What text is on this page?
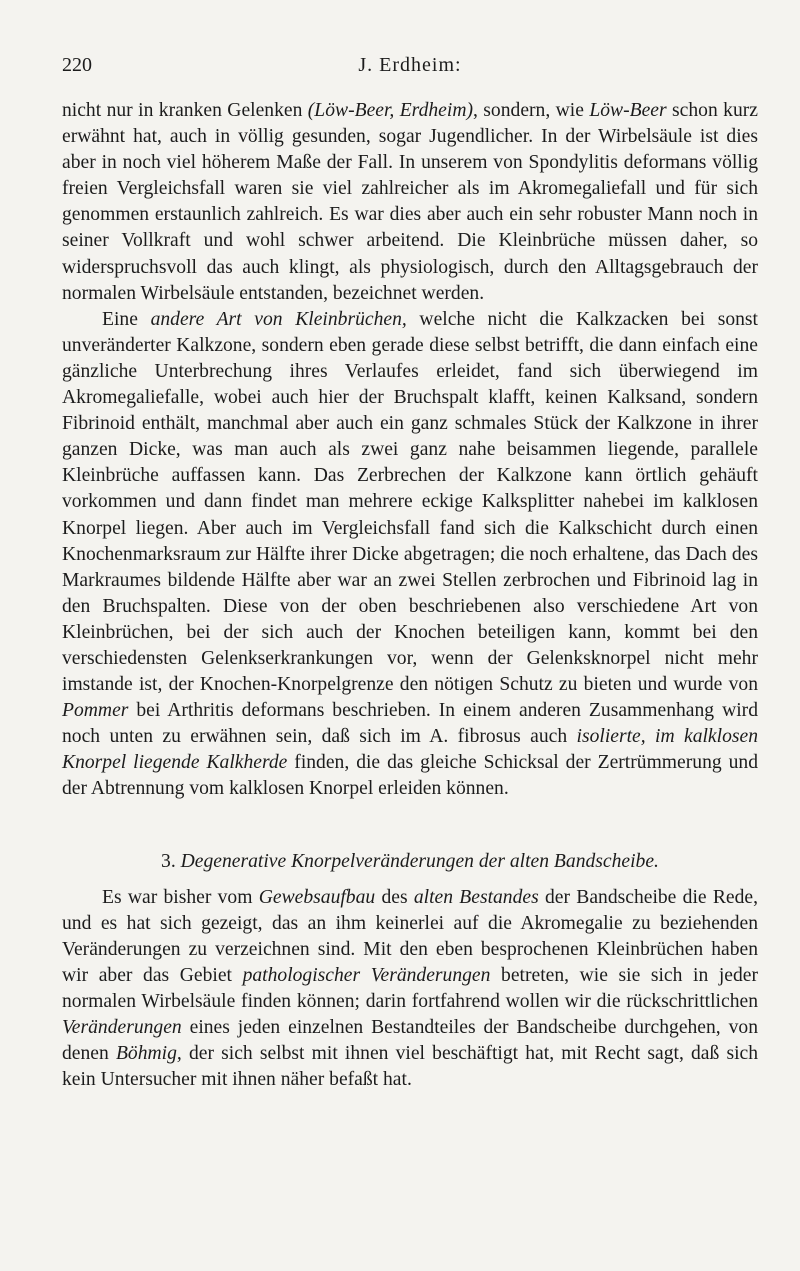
220	J. Erdheim:

nicht nur in kranken Gelenken (Löw-Beer, Erdheim), sondern, wie Löw-Beer schon kurz erwähnt hat, auch in völlig gesunden, sogar Jugendlicher. In der Wirbelsäule ist dies aber in noch viel höherem Maße der Fall. In unserem von Spondylitis deformans völlig freien Vergleichsfall waren sie viel zahlreicher als im Akromegaliefall und für sich genommen erstaunlich zahlreich. Es war dies aber auch ein sehr robuster Mann noch in seiner Vollkraft und wohl schwer arbeitend. Die Kleinbrüche müssen daher, so widerspruchsvoll das auch klingt, als physiologisch, durch den Alltagsgebrauch der normalen Wirbelsäule entstanden, bezeichnet werden.

Eine andere Art von Kleinbrüchen, welche nicht die Kalkzacken bei sonst unveränderter Kalkzone, sondern eben gerade diese selbst betrifft, die dann einfach eine gänzliche Unterbrechung ihres Verlaufes erleidet, fand sich überwiegend im Akromegaliefalle, wobei auch hier der Bruchspalt klafft, keinen Kalksand, sondern Fibrinoid enthält, manchmal aber auch ein ganz schmales Stück der Kalkzone in ihrer ganzen Dicke, was man auch als zwei ganz nahe beisammen liegende, parallele Kleinbrüche auffassen kann. Das Zerbrechen der Kalkzone kann örtlich gehäuft vorkommen und dann findet man mehrere eckige Kalksplitter nahebei im kalklosen Knorpel liegen. Aber auch im Vergleichsfall fand sich die Kalkschicht durch einen Knochenmarksraum zur Hälfte ihrer Dicke abgetragen; die noch erhaltene, das Dach des Markraumes bildende Hälfte aber war an zwei Stellen zerbrochen und Fibrinoid lag in den Bruchspalten. Diese von der oben beschriebenen also verschiedene Art von Kleinbrüchen, bei der sich auch der Knochen beteiligen kann, kommt bei den verschiedensten Gelenkserkrankungen vor, wenn der Gelenksknorpel nicht mehr imstande ist, der Knochen-Knorpelgrenze den nötigen Schutz zu bieten und wurde von Pommer bei Arthritis deformans beschrieben. In einem anderen Zusammenhang wird noch unten zu erwähnen sein, daß sich im A. fibrosus auch isolierte, im kalklosen Knorpel liegende Kalkherde finden, die das gleiche Schicksal der Zertrümmerung und der Abtrennung vom kalklosen Knorpel erleiden können.

3. Degenerative Knorpelveränderungen der alten Bandscheibe.

Es war bisher vom Gewebsaufbau des alten Bestandes der Bandscheibe die Rede, und es hat sich gezeigt, das an ihm keinerlei auf die Akromegalie zu beziehenden Veränderungen zu verzeichnen sind. Mit den eben besprochenen Kleinbrüchen haben wir aber das Gebiet pathologischer Veränderungen betreten, wie sie sich in jeder normalen Wirbelsäule finden können; darin fortfahrend wollen wir die rückschrittlichen Veränderungen eines jeden einzelnen Bestandteiles der Bandscheibe durchgehen, von denen Böhmig, der sich selbst mit ihnen viel beschäftigt hat, mit Recht sagt, daß sich kein Untersucher mit ihnen näher befaßt hat.
